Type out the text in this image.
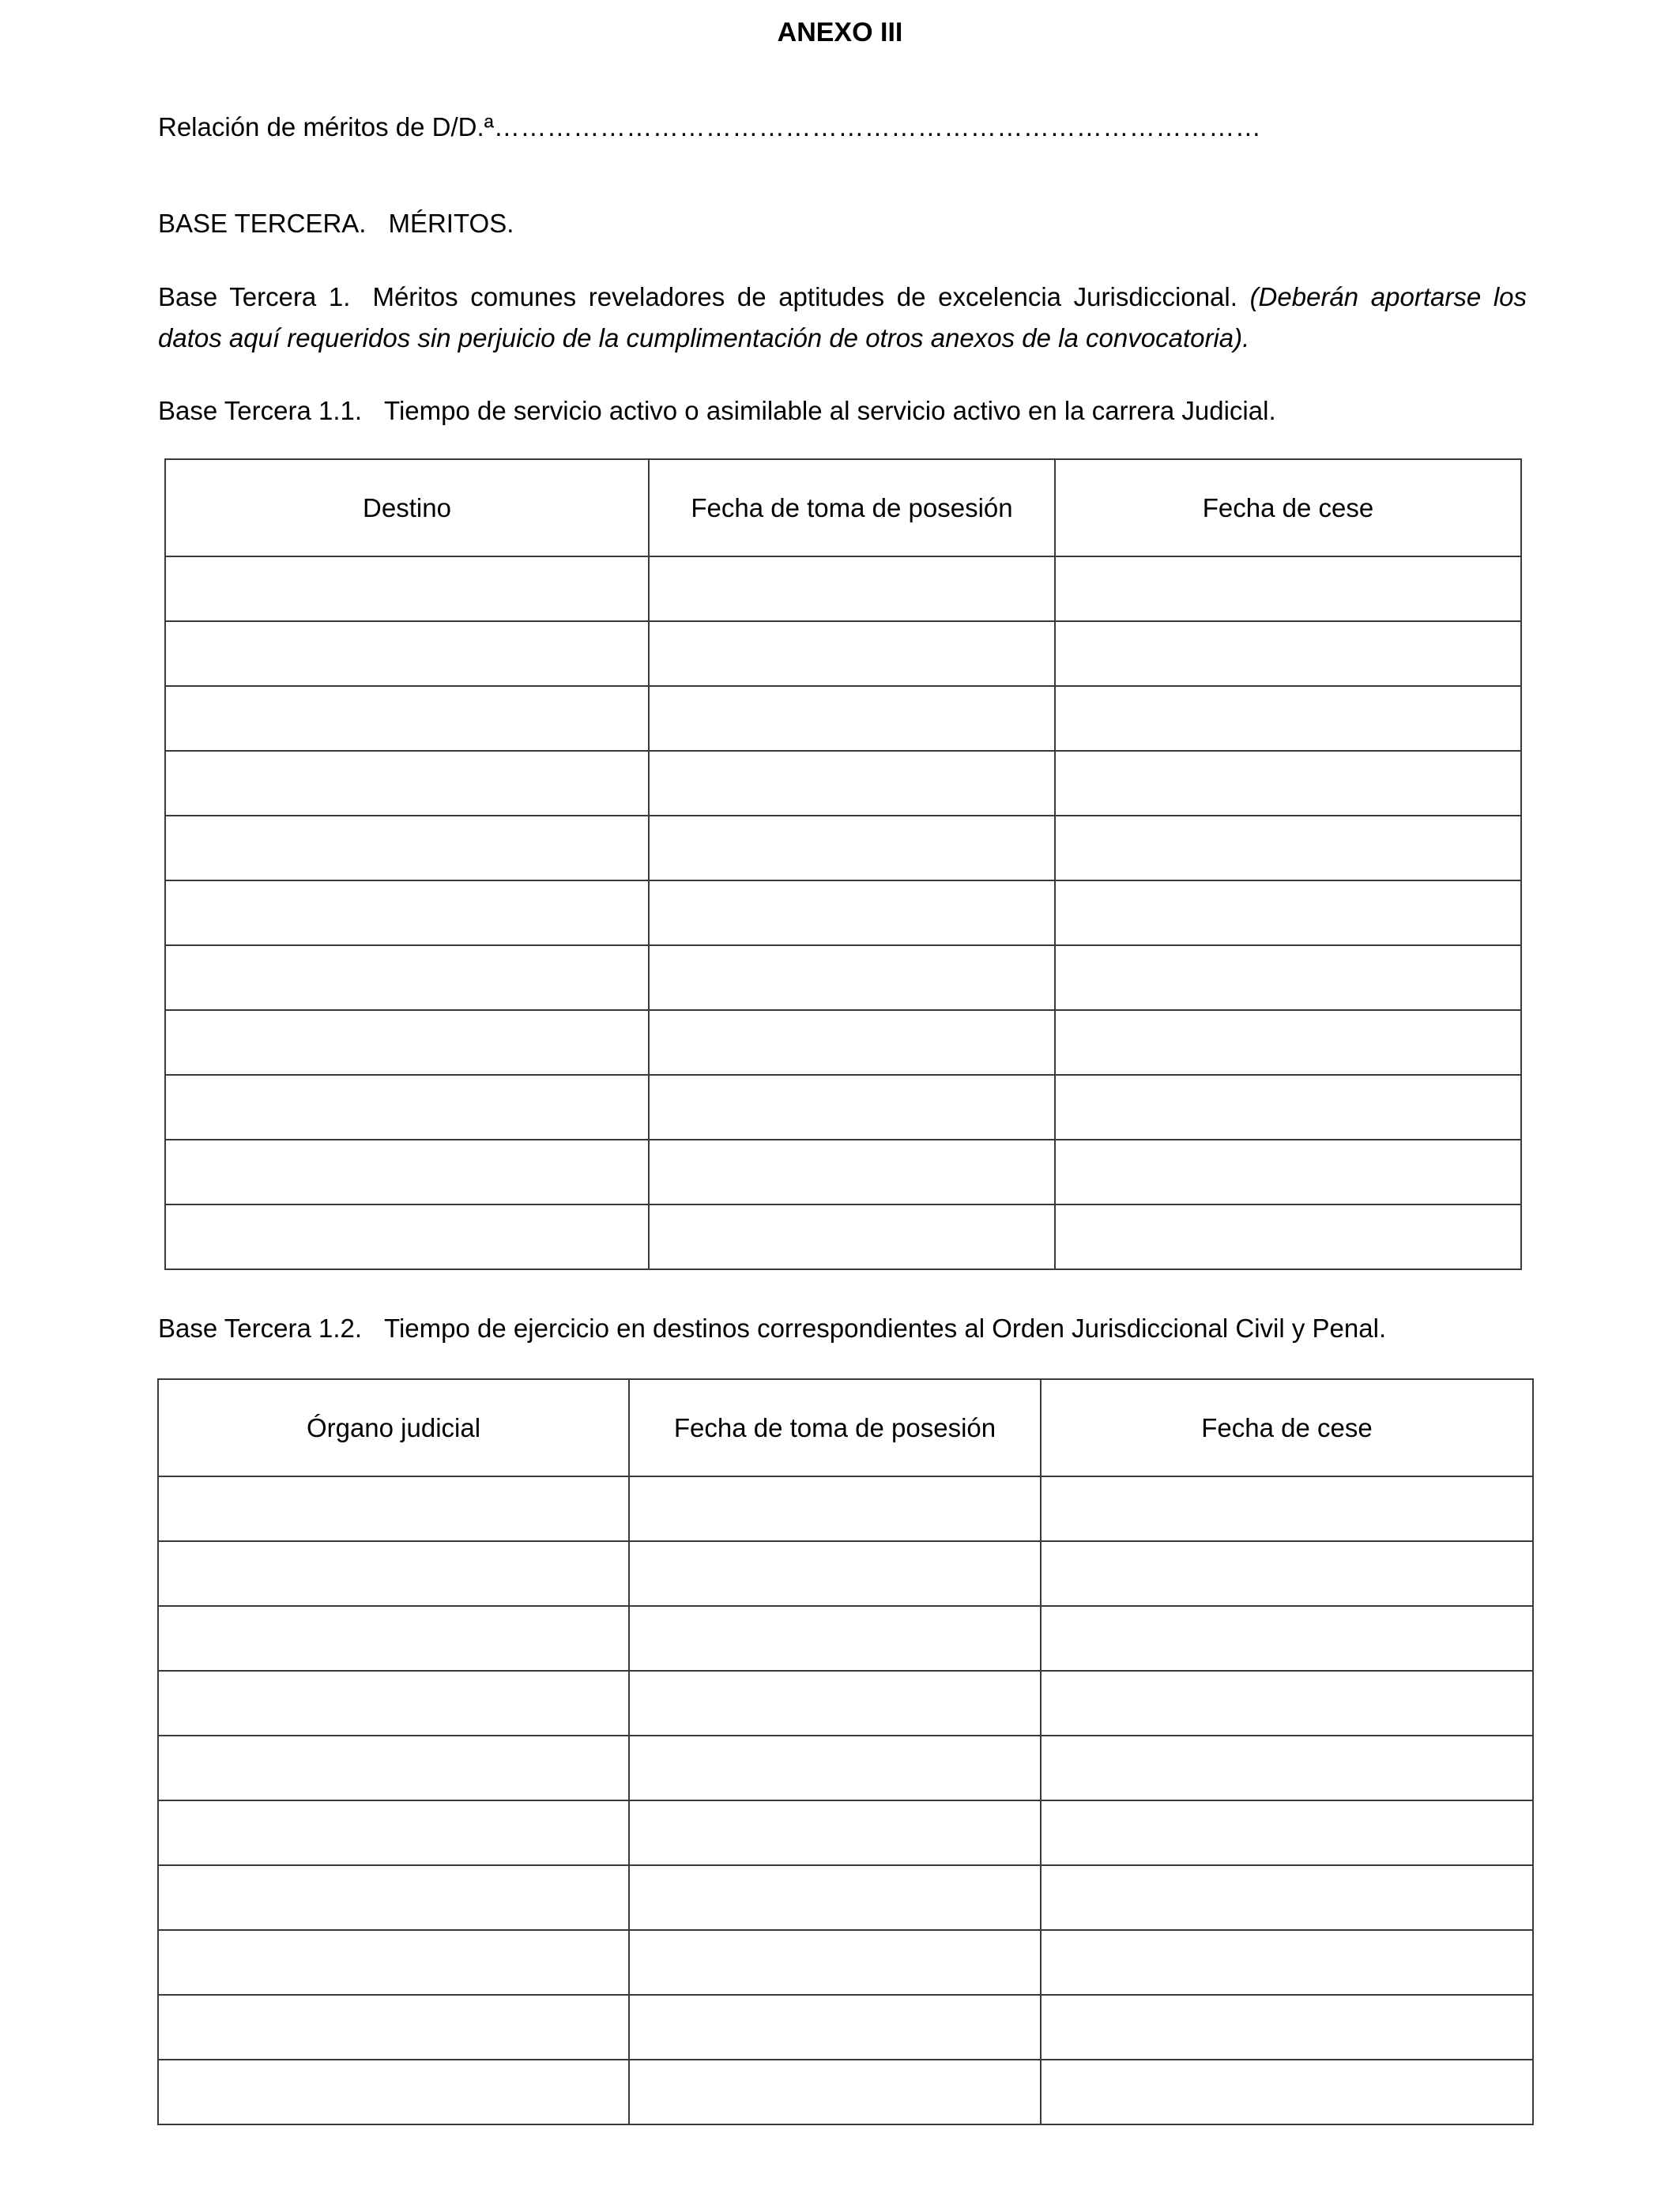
ANEXO III
Relación de méritos de D/D.ª……………………………………………………………………………
BASE TERCERA. MÉRITOS.
Base Tercera 1. Méritos comunes reveladores de aptitudes de excelencia Jurisdiccional. (Deberán aportarse los datos aquí requeridos sin perjuicio de la cumplimentación de otros anexos de la convocatoria).
Base Tercera 1.1. Tiempo de servicio activo o asimilable al servicio activo en la carrera Judicial.
Destino	Fecha de toma de posesión	Fecha de cese

Base Tercera 1.2. Tiempo de ejercicio en destinos correspondientes al Orden Jurisdiccional Civil y Penal.
Órgano judicial	Fecha de toma de posesión	Fecha de cese
